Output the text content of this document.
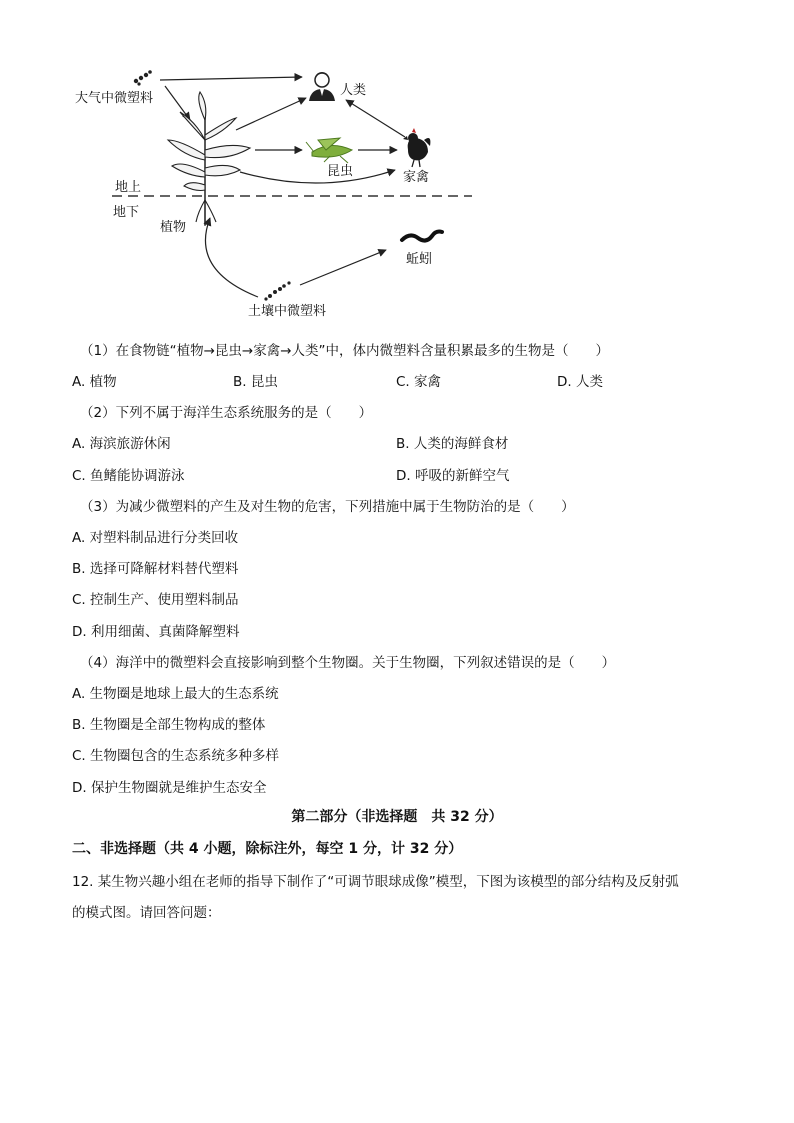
大气中微塑料
人类
昆虫	家禽
地上
地下
植物
蚯蚓
土壤中微塑料
（1）在食物链“植物→昆虫→家禽→人类”中，体内微塑料含量积累最多的生物是（　　）
A. 植物	B. 昆虫	C. 家禽	D. 人类
（2）下列不属于海洋生态系统服务的是（　　）
A. 海滨旅游休闲	B. 人类的海鲜食材
C. 鱼鳍能协调游泳	D. 呼吸的新鲜空气
（3）为减少微塑料的产生及对生物的危害，下列措施中属于生物防治的是（　　）
A. 对塑料制品进行分类回收
B. 选择可降解材料替代塑料
C. 控制生产、使用塑料制品
D. 利用细菌、真菌降解塑料
（4）海洋中的微塑料会直接影响到整个生物圈。关于生物圈，下列叙述错误的是（　　）
A. 生物圈是地球上最大的生态系统
B. 生物圈是全部生物构成的整体
C. 生物圈包含的生态系统多种多样
D. 保护生物圈就是维护生态安全
第二部分（非选择题　共 32 分）
二、非选择题（共 4 小题，除标注外，每空 1 分，计 32 分）
12. 某生物兴趣小组在老师的指导下制作了“可调节眼球成像”模型，下图为该模型的部分结构及反射弧
的模式图。请回答问题：
